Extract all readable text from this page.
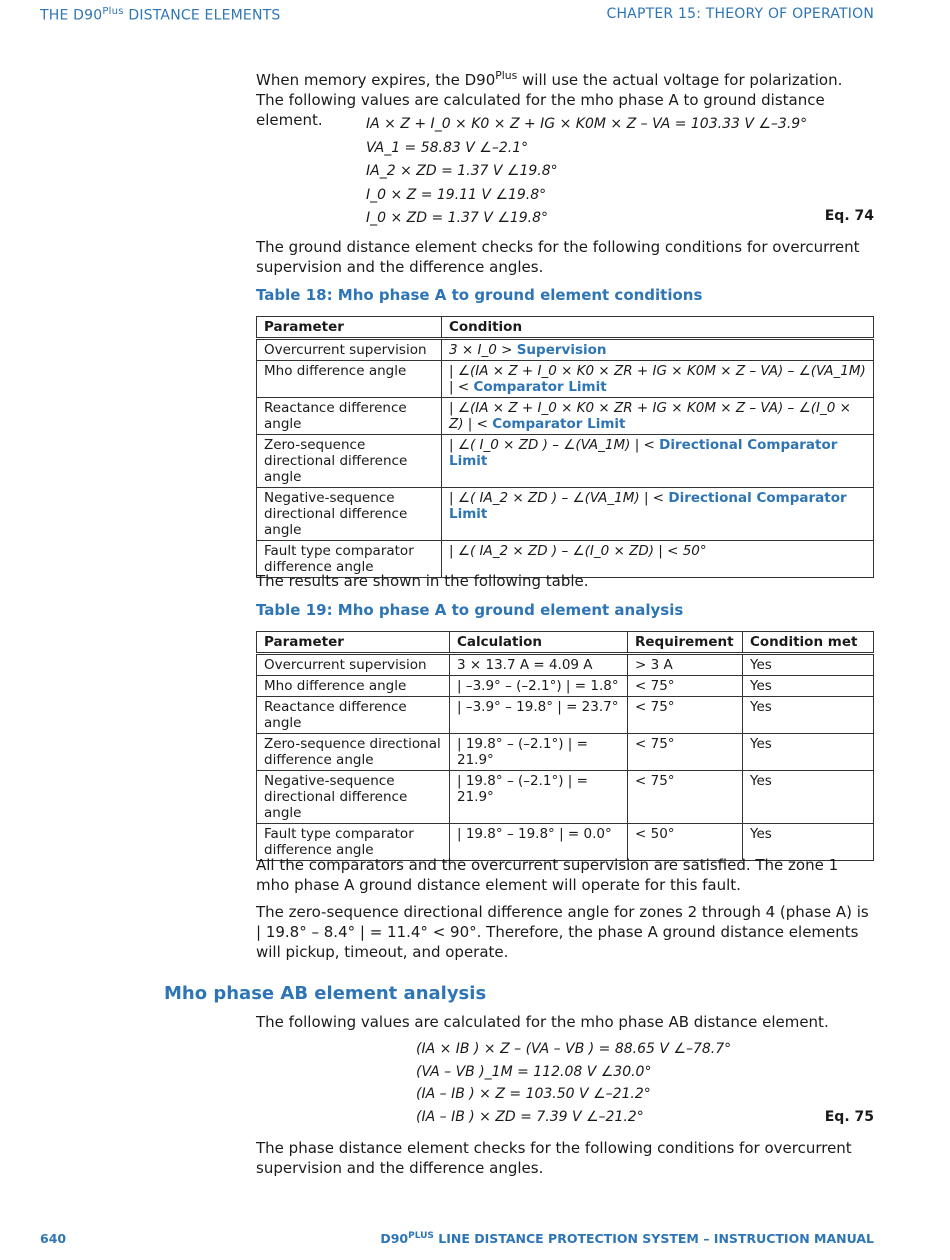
THE $D90^{Plus}$ DISTANCE ELEMENTS	CHAPTER 15: THEORY OF OPERATION

When memory expires, the $D90^{Plus}$ will use the actual voltage for polarization. The following values are calculated for the mho phase A to ground distance element.	IA × Z + I_0 × K0 × Z + IG × K0M × Z – VA = 103.33 V ∠–3.9°
VA_1 = 58.83 V ∠–2.1°
IA_2 × ZD = 1.37 V ∠19.8°
I_0 × Z = 19.11 V ∠19.8°
I_0 × ZD = 1.37 V ∠19.8°	Eq. 74

The ground distance element checks for the following conditions for overcurrent supervision and the difference angles.

Table 18: Mho phase A to ground element conditions
Parameter	Condition
Overcurrent supervision	3 × I_0 > Supervision
Mho difference angle	| ∠(IA × Z + I_0 × K0 × ZR + IG × K0M × Z – VA) – ∠(VA_1M) | < Comparator Limit
Reactance difference angle	| ∠(IA × Z + I_0 × K0 × ZR + IG × K0M × Z – VA) – ∠(I_0 × Z) | < Comparator Limit
Zero-sequence directional difference angle	| ∠( I_0 × ZD ) – ∠(VA_1M) | < Directional Comparator Limit
Negative-sequence directional difference angle	| ∠( IA_2 × ZD ) – ∠(VA_1M) | < Directional Comparator Limit
Fault type comparator difference angle	| ∠( IA_2 × ZD ) – ∠(I_0 × ZD) | < 50°

The results are shown in the following table.

Table 19: Mho phase A to ground element analysis
Parameter	Calculation	Requirement	Condition met
Overcurrent supervision	3 × 13.7 A = 4.09 A	> 3 A	Yes
Mho difference angle	| –3.9° – (–2.1°) | = 1.8°	< 75°	Yes
Reactance difference angle	| –3.9° – 19.8° | = 23.7°	< 75°	Yes
Zero-sequence directional difference angle	| 19.8° – (–2.1°) | = 21.9°	< 75°	Yes
Negative-sequence directional difference angle	| 19.8° – (–2.1°) | = 21.9°	< 75°	Yes
Fault type comparator difference angle	| 19.8° – 19.8° | = 0.0°	< 50°	Yes

All the comparators and the overcurrent supervision are satisfied. The zone 1 mho phase A ground distance element will operate for this fault.

The zero-sequence directional difference angle for zones 2 through 4 (phase A) is | 19.8° – 8.4° | = 11.4° < 90°. Therefore, the phase A ground distance elements will pickup, timeout, and operate.

Mho phase AB element analysis

The following values are calculated for the mho phase AB distance element.

(IA × IB ) × Z – (VA – VB ) = 88.65 V ∠–78.7°
(VA – VB )_1M = 112.08 V ∠30.0°
(IA – IB ) × Z = 103.50 V ∠–21.2°
(IA – IB ) × ZD = 7.39 V ∠–21.2°	Eq. 75

The phase distance element checks for the following conditions for overcurrent supervision and the difference angles.

640	$D90^{PLUS}$ LINE DISTANCE PROTECTION SYSTEM – INSTRUCTION MANUAL
